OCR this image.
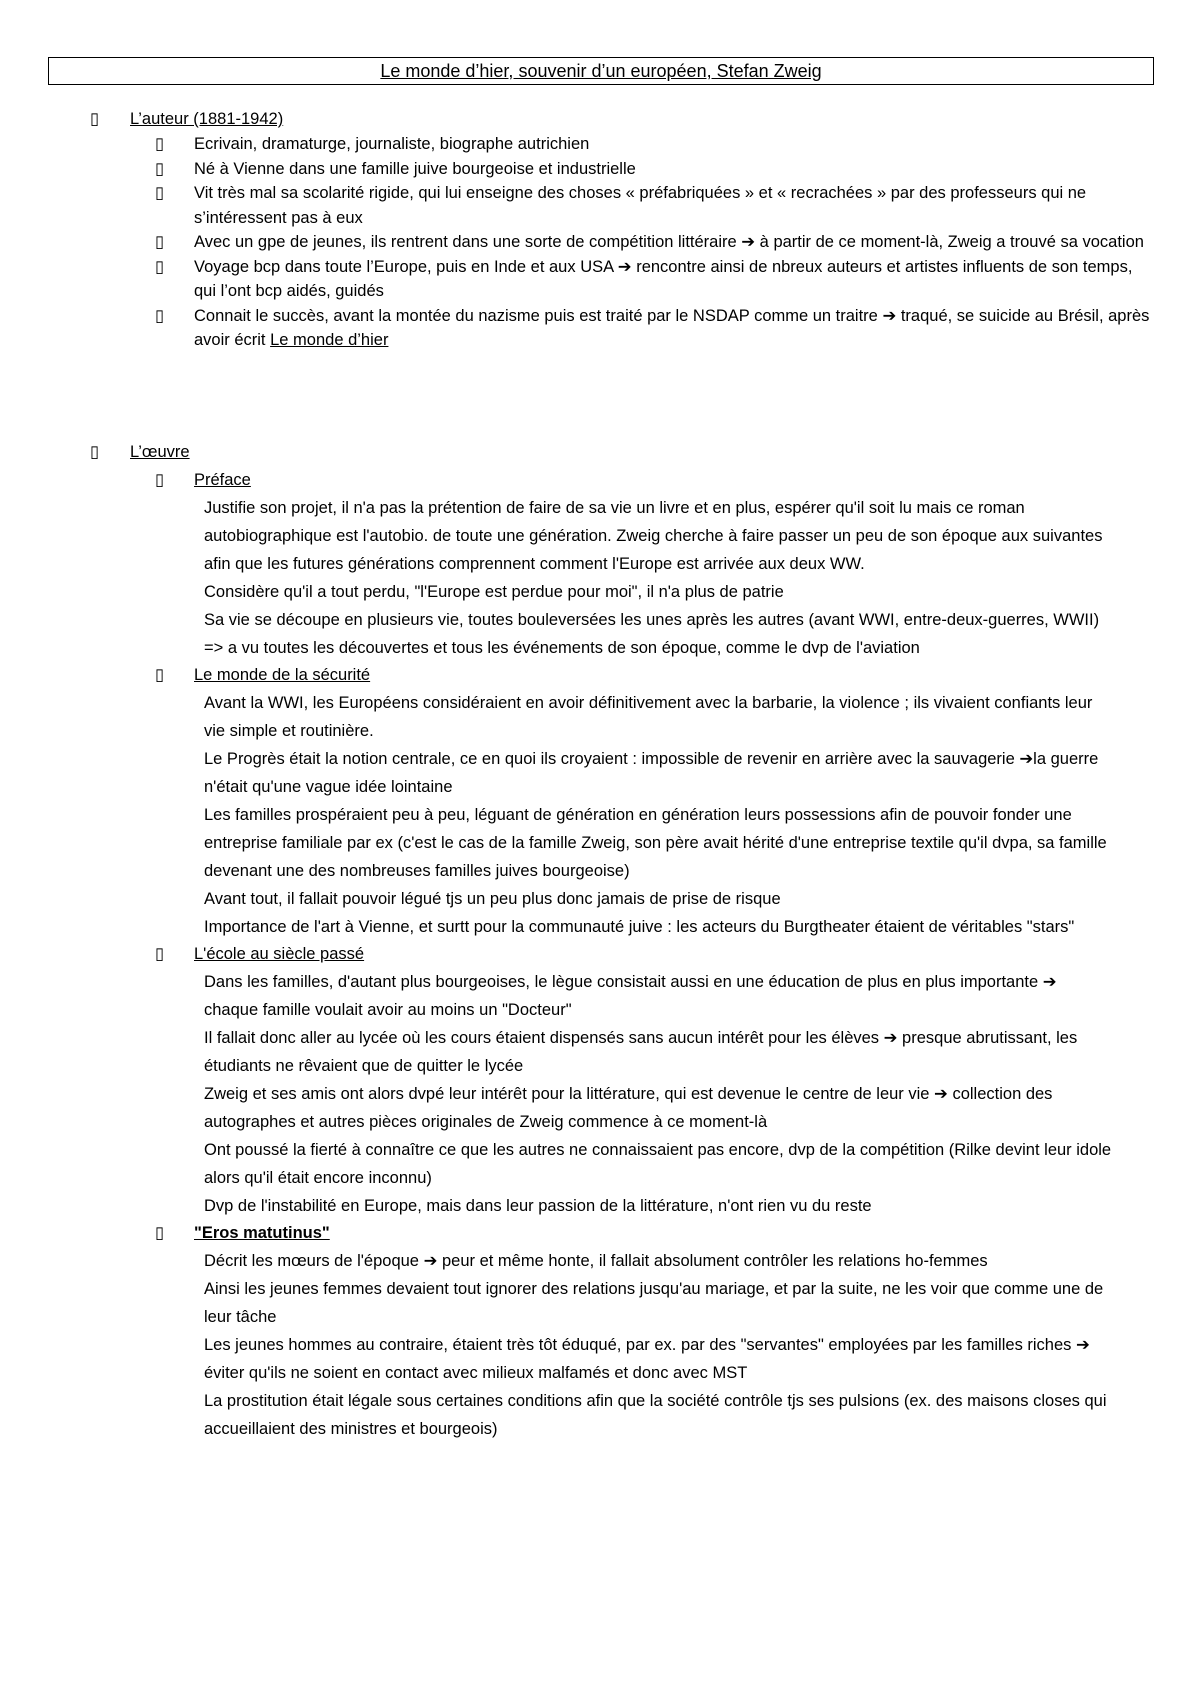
Le monde d’hier, souvenir d’un européen, Stefan Zweig
▯ L’auteur (1881-1942)
▯ Ecrivain, dramaturge, journaliste, biographe autrichien
▯ Né à Vienne dans une famille juive bourgeoise et industrielle
▯ Vit très mal sa scolarité rigide, qui lui enseigne des choses « préfabriquées » et « recrachées » par des professeurs qui ne s’intéressent pas à eux
▯ Avec un gpe de jeunes, ils rentrent dans une sorte de compétition littéraire ➔ à partir de ce moment-là, Zweig a trouvé sa vocation
▯ Voyage bcp dans toute l’Europe, puis en Inde et aux USA ➔ rencontre ainsi de nbreux auteurs et artistes influents de son temps, qui l’ont bcp aidés, guidés
▯ Connait le succès, avant la montée du nazisme puis est traité par le NSDAP comme un traitre ➔ traqué, se suicide au Brésil, après avoir écrit Le monde d’hier
▯ L’œuvre
▯ Préface
Justifie son projet, il n'a pas la prétention de faire de sa vie un livre et en plus, espérer qu'il soit lu mais ce roman autobiographique est l'autobio. de toute une génération. Zweig cherche à faire passer un peu de son époque aux suivantes afin que les futures générations comprennent comment l'Europe est arrivée aux deux WW.
Considère qu'il a tout perdu, "l'Europe est perdue pour moi", il n'a plus de patrie
Sa vie se découpe en plusieurs vie, toutes bouleversées les unes après les autres (avant WWI, entre-deux-guerres, WWII) => a vu toutes les découvertes et tous les événements de son époque, comme le dvp de l'aviation
▯ Le monde de la sécurité
Avant la WWI, les Européens considéraient en avoir définitivement avec la barbarie, la violence ; ils vivaient confiants leur vie simple et routinière.
Le Progrès était la notion centrale, ce en quoi ils croyaient : impossible de revenir en arrière avec la sauvagerie ➔la guerre n'était qu'une vague idée lointaine
Les familles prospéraient peu à peu, léguant de génération en génération leurs possessions afin de pouvoir fonder une entreprise familiale par ex (c'est le cas de la famille Zweig, son père avait hérité d'une entreprise textile qu'il dvpa, sa famille devenant une des nombreuses familles juives bourgeoise)
Avant tout, il fallait pouvoir légué tjs un peu plus donc jamais de prise de risque
Importance de l'art à Vienne, et surtt pour la communauté juive : les acteurs du Burgtheater étaient de véritables "stars"
▯ L'école au siècle passé
Dans les familles, d'autant plus bourgeoises, le lègue consistait aussi en une éducation de plus en plus importante ➔ chaque famille voulait avoir au moins un "Docteur"
Il fallait donc aller au lycée où les cours étaient dispensés sans aucun intérêt pour les élèves ➔ presque abrutissant, les étudiants ne rêvaient que de quitter le lycée
Zweig et ses amis ont alors dvpé leur intérêt pour la littérature, qui est devenue le centre de leur vie ➔ collection des autographes et autres pièces originales de Zweig commence à ce moment-là
Ont poussé la fierté à connaître ce que les autres ne connaissaient pas encore, dvp de la compétition (Rilke devint leur idole alors qu'il était encore inconnu)
Dvp de l'instabilité en Europe, mais dans leur passion de la littérature, n'ont rien vu du reste
▯ "Eros matutinus"
Décrit les mœurs de l'époque ➔ peur et même honte, il fallait absolument contrôler les relations ho-femmes
Ainsi les jeunes femmes devaient tout ignorer des relations jusqu'au mariage, et par la suite, ne les voir que comme une de leur tâche
Les jeunes hommes au contraire, étaient très tôt éduqué, par ex. par des "servantes" employées par les familles riches ➔ éviter qu'ils ne soient en contact avec milieux malfamés et donc avec MST
La prostitution était légale sous certaines conditions afin que la société contrôle tjs ses pulsions (ex. des maisons closes qui accueillaient des ministres et bourgeois)
